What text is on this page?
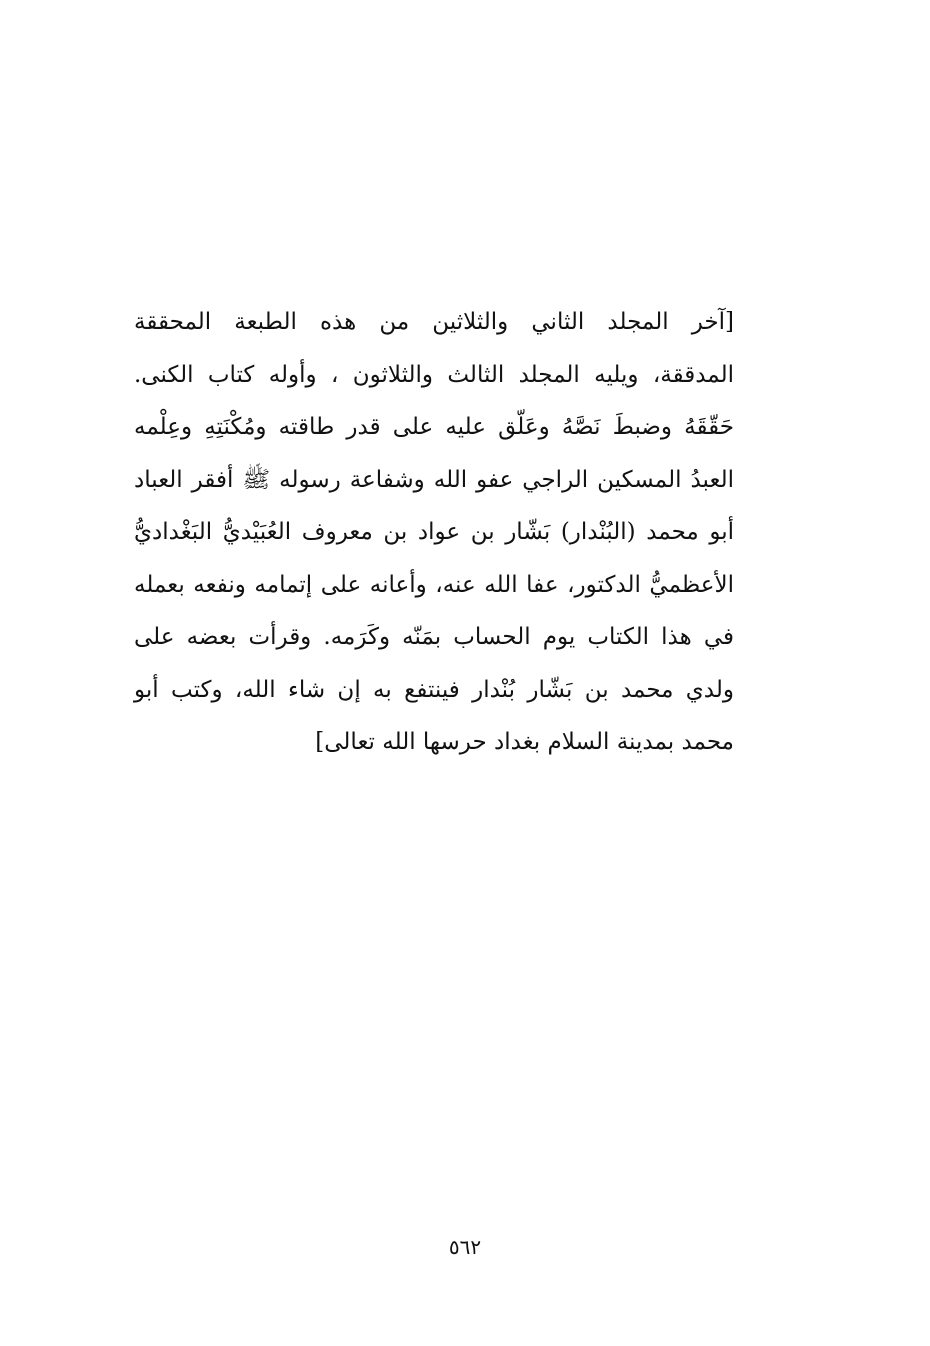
[آخر المجلد الثاني والثلاثين من هذه الطبعة المحققة
المدققة، ويليه المجلد الثالث والثلاثون ، وأوله كتاب الكنى.
حَقّقَهُ وضبطَ نَصَّهُ وعَلّق عليه على قدر طاقته ومُكْنَتِهِ وعِلْمه
العبدُ المسكين الراجي عفو الله وشفاعة رسوله ﷺ أفقر العباد
أبو محمد (البُنْدار) بَشّار بن عواد بن معروف العُبَيْديُّ البَغْداديُّ
الأعظميُّ الدكتور، عفا الله عنه، وأعانه على إتمامه ونفعه بعمله
في هذا الكتاب يوم الحساب بمَنّه وكَرَمه. وقرأت بعضه على
ولدي محمد بن بَشّار بُنْدار فينتفع به إن شاء الله، وكتب أبو
محمد بمدينة السلام بغداد حرسها الله تعالى]
٥٦٢
